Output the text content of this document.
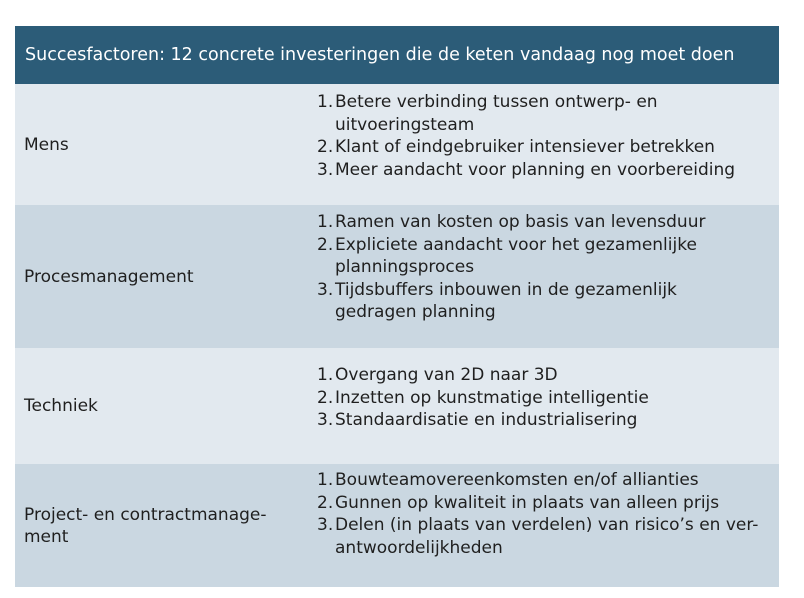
Succesfactoren: 12 concrete investeringen die de keten vandaag nog moet doen
Mens
1. Betere verbinding tussen ontwerp- en
uitvoeringsteam
2. Klant of eindgebruiker intensiever betrekken
3. Meer aandacht voor planning en voorbereiding
Procesmanagement
1. Ramen van kosten op basis van levensduur
2. Expliciete aandacht voor het gezamenlijke
planningsproces
3. Tijdsbuffers inbouwen in de gezamenlijk
gedragen planning
Techniek
1. Overgang van 2D naar 3D
2. Inzetten op kunstmatige intelligentie
3. Standaardisatie en industrialisering
Project- en contractmanage-
ment
1. Bouwteamovereenkomsten en/of allianties
2. Gunnen op kwaliteit in plaats van alleen prijs
3. Delen (in plaats van verdelen) van risico’s en ver-
antwoordelijkheden
